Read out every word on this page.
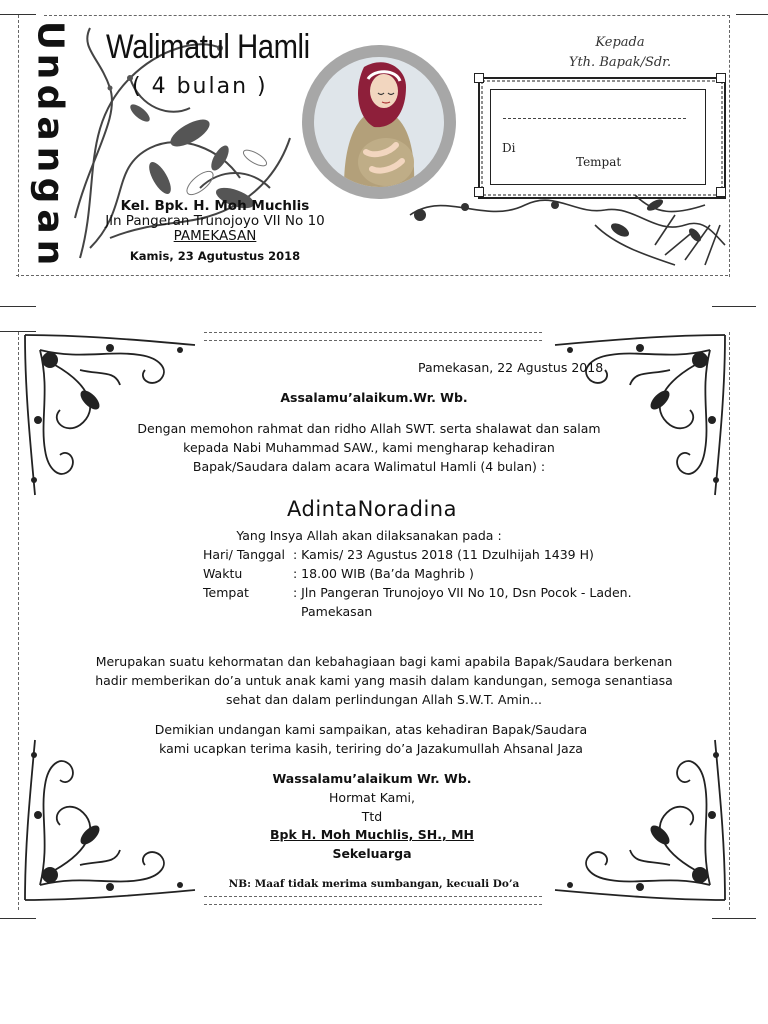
U
n
d
a
n
g
a
n
Walimatul Hamli
( 4 bulan )
Kel. Bpk. H. Moh Muchlis
Jln Pangeran Trunojoyo VII No 10
PAMEKASAN
Kamis, 23 Agutustus 2018
Kepada
Yth. Bapak/Sdr.
Di
Tempat
Pamekasan, 22 Agustus 2018
Assalamu’alaikum.Wr. Wb.
Dengan memohon rahmat dan ridho Allah SWT. serta shalawat dan salam
kepada Nabi Muhammad SAW., kami mengharap kehadiran
Bapak/Saudara dalam acara Walimatul Hamli (4 bulan) :
AdintaNoradina
Yang Insya Allah akan dilaksanakan pada :
Hari/ Tanggal : Kamis/ 23 Agustus 2018 (11 Dzulhijah 1439 H)
Waktu	: 18.00 WIB (Ba’da Maghrib )
Tempat	: Jln Pangeran Trunojoyo VII No 10, Dsn Pocok - Laden.
Pamekasan
Merupakan suatu kehormatan dan kebahagiaan bagi kami apabila Bapak/Saudara berkenan
hadir memberikan do’a untuk anak kami yang masih dalam kandungan, semoga senantiasa
sehat dan dalam perlindungan Allah S.W.T. Amin...
Demikian undangan kami sampaikan, atas kehadiran Bapak/Saudara
kami ucapkan terima kasih, teriring do’a Jazakumullah Ahsanal Jaza
Wassalamu’alaikum Wr. Wb.
Hormat Kami,
Ttd
Bpk H. Moh Muchlis, SH., MH
Sekeluarga
NB: Maaf tidak merima sumbangan, kecuali Do’a
